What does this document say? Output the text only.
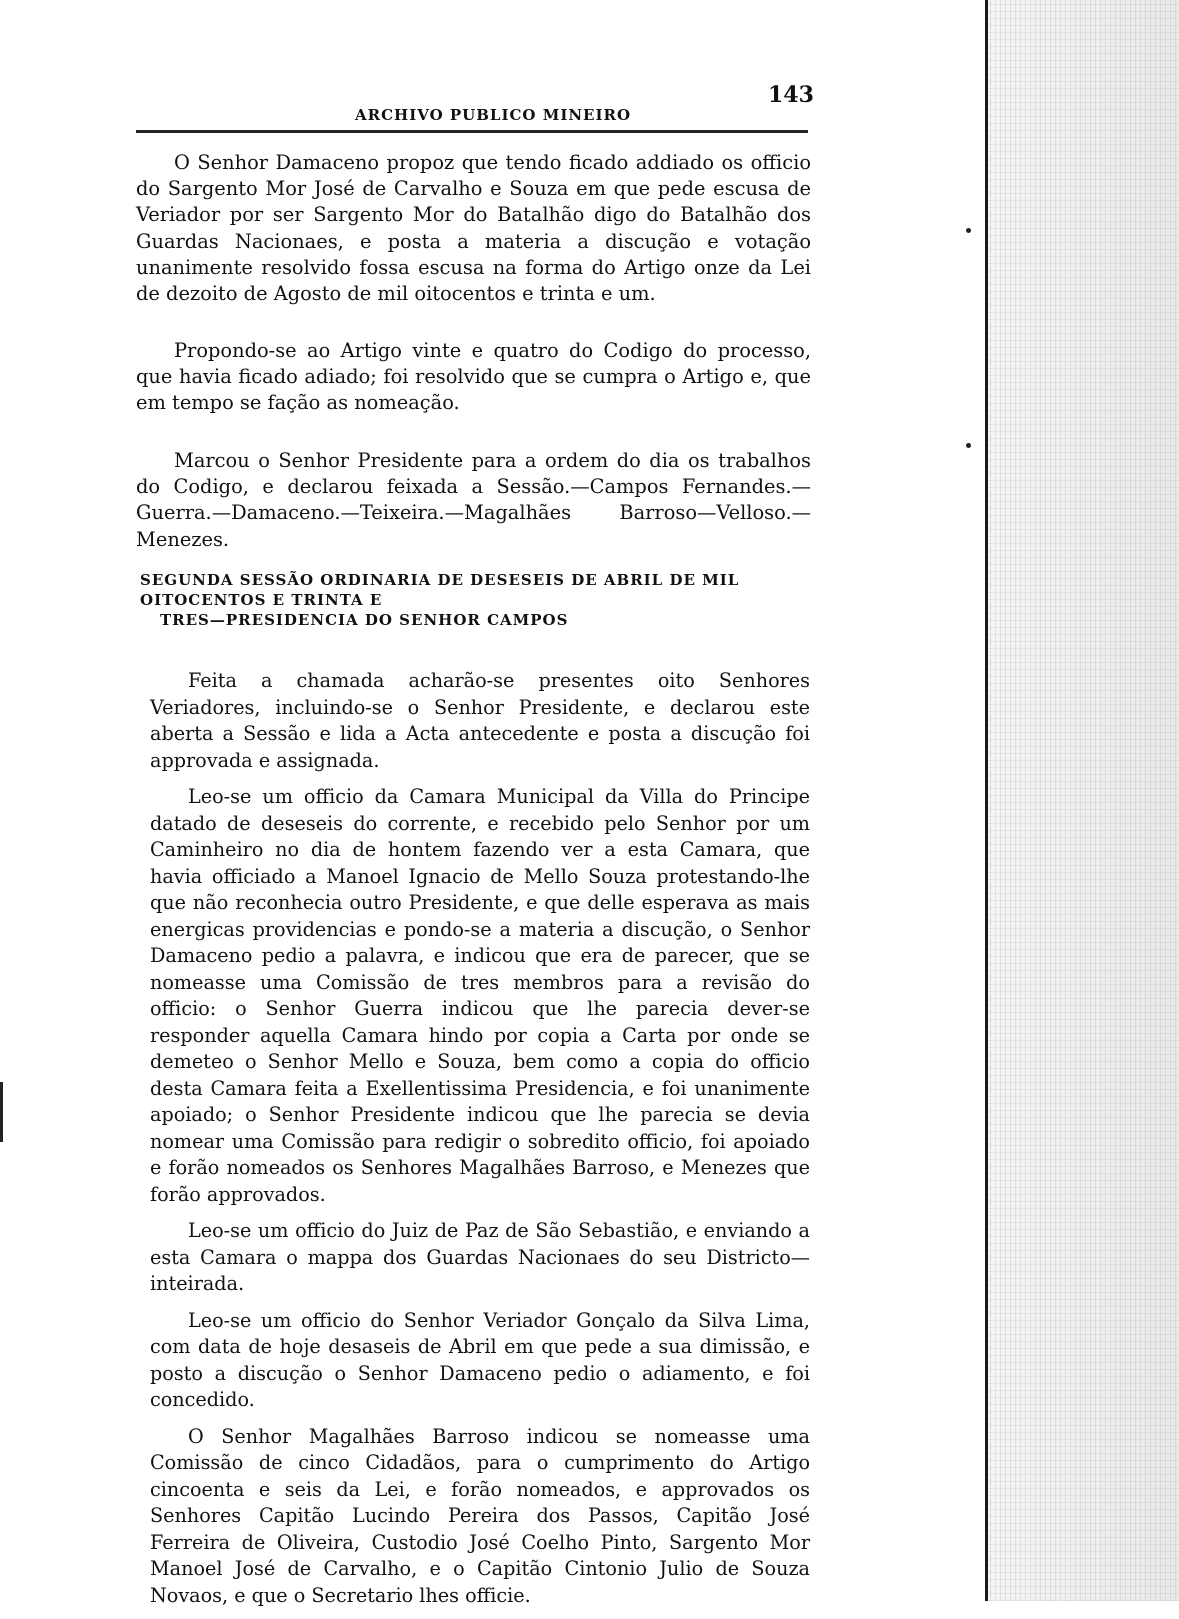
ARCHIVO PUBLICO MINEIRO
143

O Senhor Damaceno propoz que tendo ficado addiado os officio do Sargento Mor José de Carvalho e Souza em que pede escusa de Veriador por ser Sargento Mor do Batalhão digo do Batalhão dos Guardas Nacionaes, e posta a materia a discução e votação unanimente resolvido fossa escusa na forma do Artigo onze da Lei de dezoito de Agosto de mil oitocentos e trinta e um.

Propondo-se ao Artigo vinte e quatro do Codigo do processo, que havia ficado adiado; foi resolvido que se cumpra o Artigo e, que em tempo se fação as nomeação.

Marcou o Senhor Presidente para a ordem do dia os trabalhos do Codigo, e declarou feixada a Sessão.—Campos Fernandes.—Guerra.—Damaceno.—Teixeira.—Magalhães Barroso—Velloso.—Menezes.

SEGUNDA SESSÃO ORDINARIA DE DESESEIS DE ABRIL DE MIL OITOCENTOS E TRINTA E
TRES—PRESIDENCIA DO SENHOR CAMPOS

Feita a chamada acharão-se presentes oito Senhores Veriadores, incluindo-se o Senhor Presidente, e declarou este aberta a Sessão e lida a Acta antecedente e posta a discução foi approvada e assignada.

Leo-se um officio da Camara Municipal da Villa do Principe datado de deseseis do corrente, e recebido pelo Senhor por um Caminheiro no dia de hontem fazendo ver a esta Camara, que havia officiado a Manoel Ignacio de Mello Souza protestando-lhe que não reconhecia outro Presidente, e que delle esperava as mais energicas providencias e pondo-se a materia a discução, o Senhor Damaceno pedio a palavra, e indicou que era de parecer, que se nomeasse uma Comissão de tres membros para a revisão do officio: o Senhor Guerra indicou que lhe parecia dever-se responder aquella Camara hindo por copia a Carta por onde se demeteo o Senhor Mello e Souza, bem como a copia do officio desta Camara feita a Exellentissima Presidencia, e foi unanimente apoiado; o Senhor Presidente indicou que lhe parecia se devia nomear uma Comissão para redigir o sobredito officio, foi apoiado e forão nomeados os Senhores Magalhães Barroso, e Menezes que forão approvados.

Leo-se um officio do Juiz de Paz de São Sebastião, e enviando a esta Camara o mappa dos Guardas Nacionaes do seu Districto—inteirada.

Leo-se um officio do Senhor Veriador Gonçalo da Silva Lima, com data de hoje desaseis de Abril em que pede a sua dimissão, e posto a discução o Senhor Damaceno pedio o adiamento, e foi concedido.

O Senhor Magalhães Barroso indicou se nomeasse uma Comissão de cinco Cidadãos, para o cumprimento do Artigo cincoenta e seis da Lei, e forão nomeados, e approvados os Senhores Capitão Lucindo Pereira dos Passos, Capitão José Ferreira de Oliveira, Custodio José Coelho Pinto, Sargento Mor Manoel José de Carvalho, e o Capitão Cintonio Julio de Souza Novaos, e que o Secretario lhes officie.
